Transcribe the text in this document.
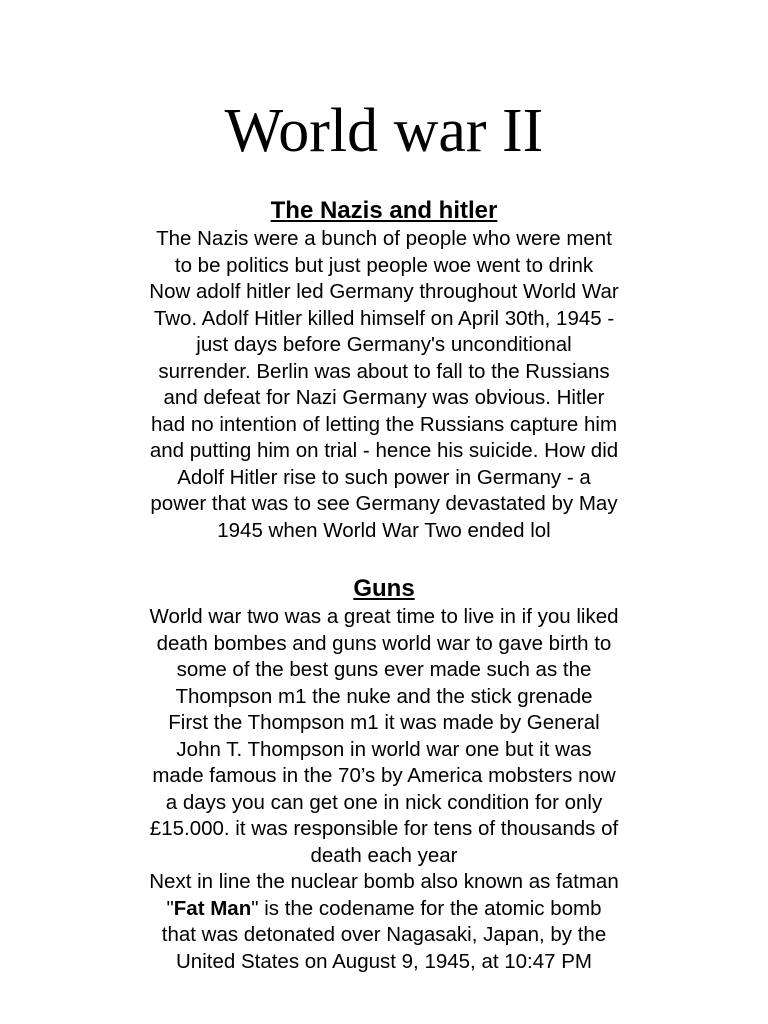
World war II
The Nazis and hitler
The Nazis were a bunch of people who were ment
to be politics but just people woe went to drink
Now adolf hitler led Germany throughout World War
Two. Adolf Hitler killed himself on April 30th, 1945 -
just days before Germany's unconditional
surrender. Berlin was about to fall to the Russians
and defeat for Nazi Germany was obvious. Hitler
had no intention of letting the Russians capture him
and putting him on trial - hence his suicide. How did
Adolf Hitler rise to such power in Germany - a
power that was to see Germany devastated by May
1945 when World War Two ended lol
Guns
World war two was a great time to live in if you liked
death bombes and guns world war to gave birth to
some of the best guns ever made such as the
Thompson m1 the nuke and the stick grenade
First the Thompson m1 it was made by General
John T. Thompson in world war one but it was
made famous in the 70’s by America mobsters now
a days you can get one in nick condition for only
£15.000. it was responsible for tens of thousands of
death each year
Next in line the nuclear bomb also known as fatman
"Fat Man" is the codename for the atomic bomb
that was detonated over Nagasaki, Japan, by the
United States on August 9, 1945, at 10:47 PM
